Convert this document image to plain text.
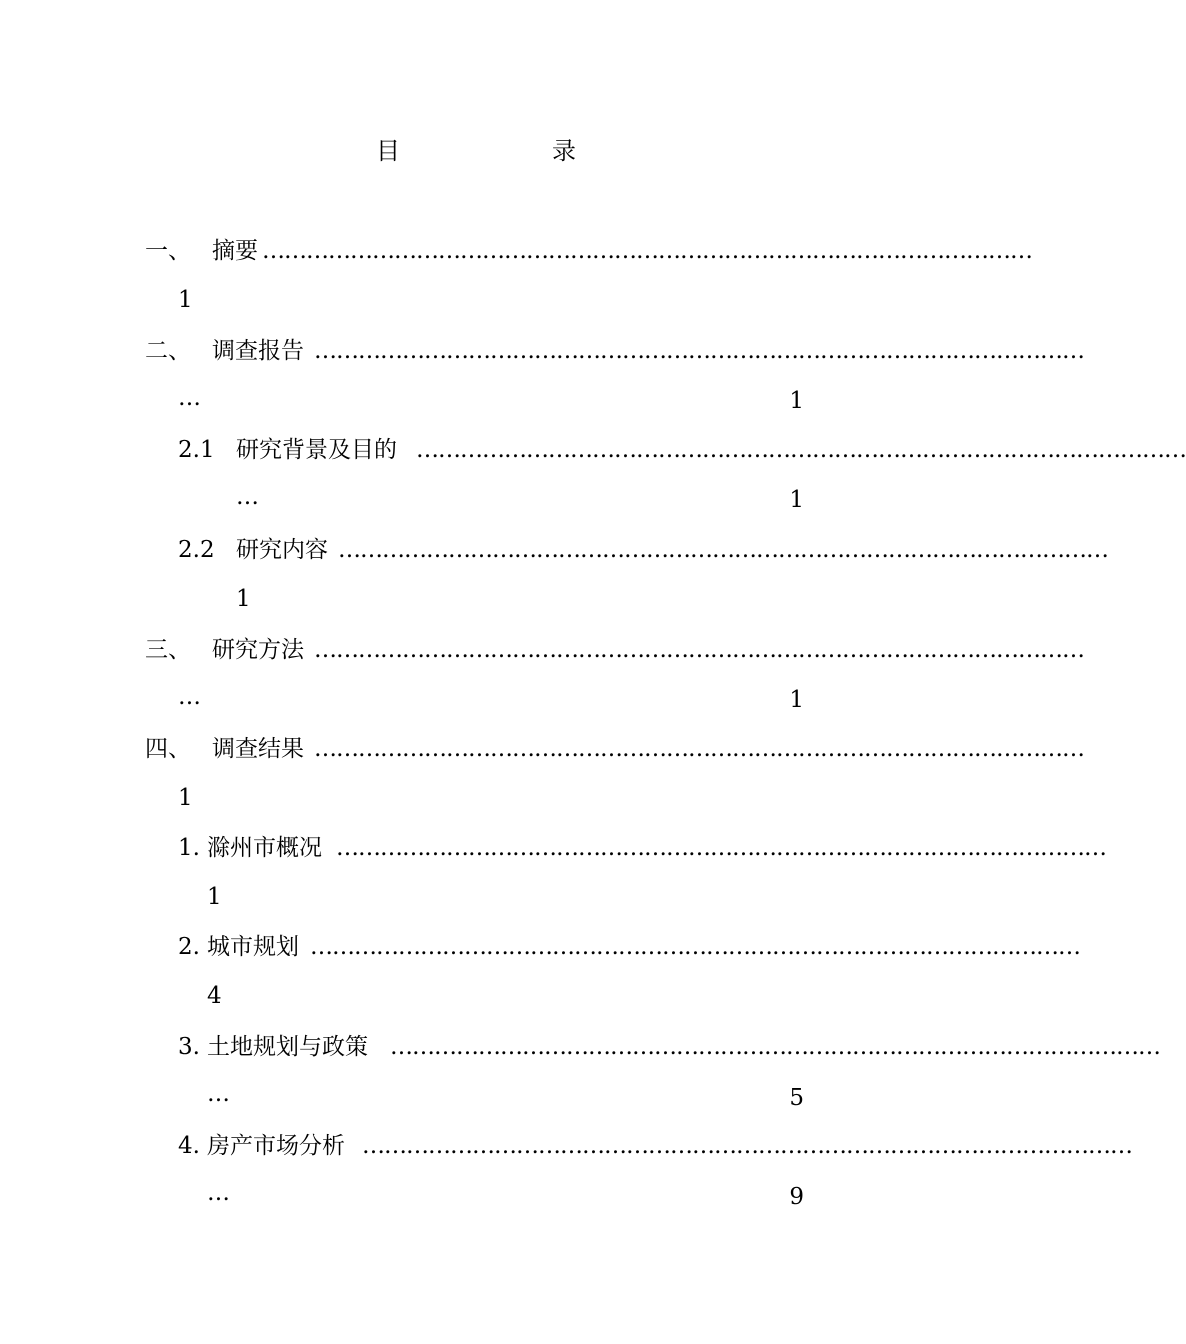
目	录
一、 摘要 ……………………………………………………………………………………………
1
二、 调查报告 ……………………………………………………………………………………………
…	1
2.1 研究背景及目的 ……………………………………………………………………………………………
…	1
2.2 研究内容 ……………………………………………………………………………………………
1
三、 研究方法 ……………………………………………………………………………………………
…	1
四、 调查结果 ……………………………………………………………………………………………
1
1. 滁州市概况 ……………………………………………………………………………………………
1
2. 城市规划 ……………………………………………………………………………………………
4
3. 土地规划与政策 ……………………………………………………………………………………………
…	5
4. 房产市场分析 ……………………………………………………………………………………………
…	9
